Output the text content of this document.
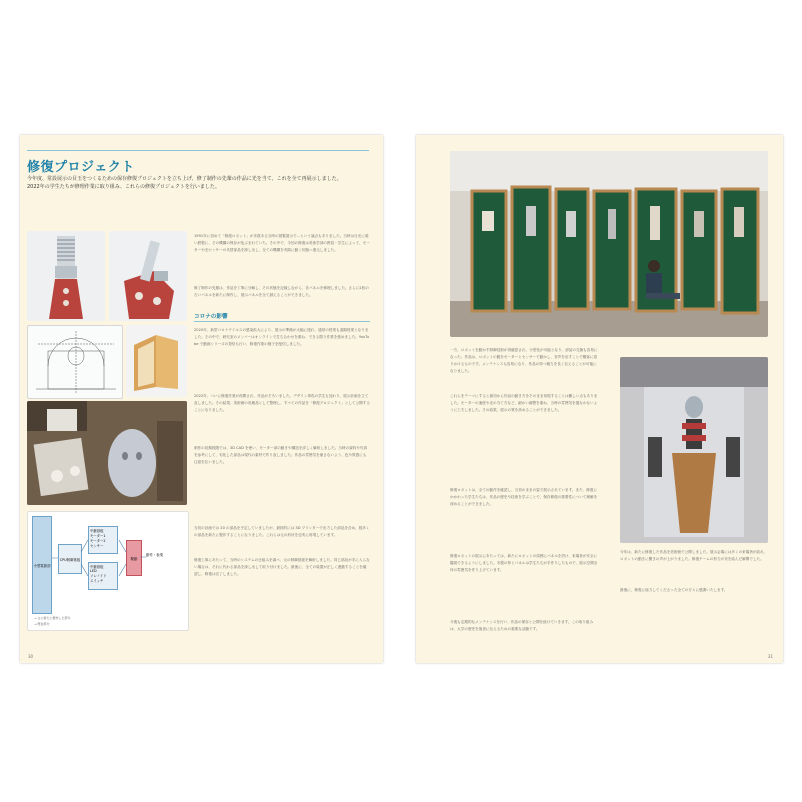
修復プロジェクト
今年度、常設展示の目玉をつくるための保存修復プロジェクトを立ち上げ、修了制作の先輩の作品に光を当て、これを全て再展示しました。
2022年の学生たちが修理作業に取り組み、これらの修復プロジェクトを行いました。
小型電源部
CPU制御基板
中継基板
モーター1
モーター2
センサー
中継基板
LED
ソレノイド
スイッチ
駆動
動作・表現
→ 主に新たに製作した部分
→ 既存部分
1991年に初めて「修復ロボット」が多数ある当時の展覧展示で…という論点もありました。当時は日光に弱い鉄製に、その機構の保存が危ぶまれていた。その中で、今回の修復は美術学部の教員・学生によって、モーターや光センサーの代替部品を探し出し、全ての機構を実際に動く状態へ復元しました。
修了制作の先輩は、作品を丁寧に分解し、その状態を記録しながら、各パネルを修理しました。さらに2枚の古いパネルを新たに制作し、展示パネルを全て揃えることができました。
コロナの影響
2020年、新型コロナウイルスの感染拡大により、展示の準備が大幅に遅れ、通常の授業も遠隔授業となりました。その中で、研究室のメンバーはオンラインで打ち合わせを重ね、できる限り作業を進めました。YouTube で動画シリーズの発信も行い、修復作業の様子を配信しました。
2022年、ついに修復作業が再開され、作品がそろいました。デザイン専攻の学生も加わり、展示計画を立て直しました。その結果、美術館の収蔵品として整理し、すべての作品を「修復プロジェクト」として公開することになりました。
制作の初期段階では、3D CAD を使い、モーター部の動きや構造を詳しく解析しました。当時の資料や写真を参考にして、劣化した部品は現代の素材で作り直しました。作品の雰囲気を崩さないよう、色や質感にも注意を払いました。
当初の計画では 20 の部品を予定していましたが、最終的には 3D プリンターで出力した部品を含め、数多くの部品を新たに製作することになりました。これらは元の形状を忠実に再現しています。
修復工事にあたって、当時のシステムの仕組みを調べ、元の制御基板を解析しました。同じ部品が手に入らない場合は、それに代わる部品を探し出して取り付けました。最後に、全ての装置が正しく連動することを確認し、修復は完了しました。
30
一方、ロボットを動かす制御技術が再確認され、小型化が可能となり、部品の交換も容易になった。作品は、ロボットの腕をモーターとセンサーで動かし、音声を出すことで観客に語りかけるものです。メンテナンスも容易になり、作品の持つ魅力を長く伝えることが可能になりました。
これらをテーマにすると最初から作品の動き方をそのまま再現することは難しい点もありました。モーターの速度や光の当て方など、細かい調整を重ね、当時の雰囲気を損なわないように工夫しました。その結果、展示の質を高めることができました。
修復ロボットは、全ての動作を確認し、当初のままの姿で展示されています。また、修復にかかわった学生たちは、作品の歴史や技術を学ぶことで、保存修復の重要性について理解を深めることができました。
修復ロボットの展示にあたっては、新たにロボットの周囲にパネルを設け、来場者が安全に鑑賞できるようにしました。木製の枠とパネルは学生たちが手作りしたもので、展示空間全体の雰囲気を作り上げています。
今後も定期的なメンテナンスを行い、作品の保存と公開を続けていきます。この取り組みは、大学の歴史を後世に伝えるための重要な活動です。
今年は、新たに修復した作品を美術館で公開しました。展示会場には多くの来場者が訪れ、ロボットの動きに驚きの声が上がりました。修復チームの努力が実を結んだ瞬間でした。
最後に、修復に協力してくださった全ての方々に感謝いたします。
31
